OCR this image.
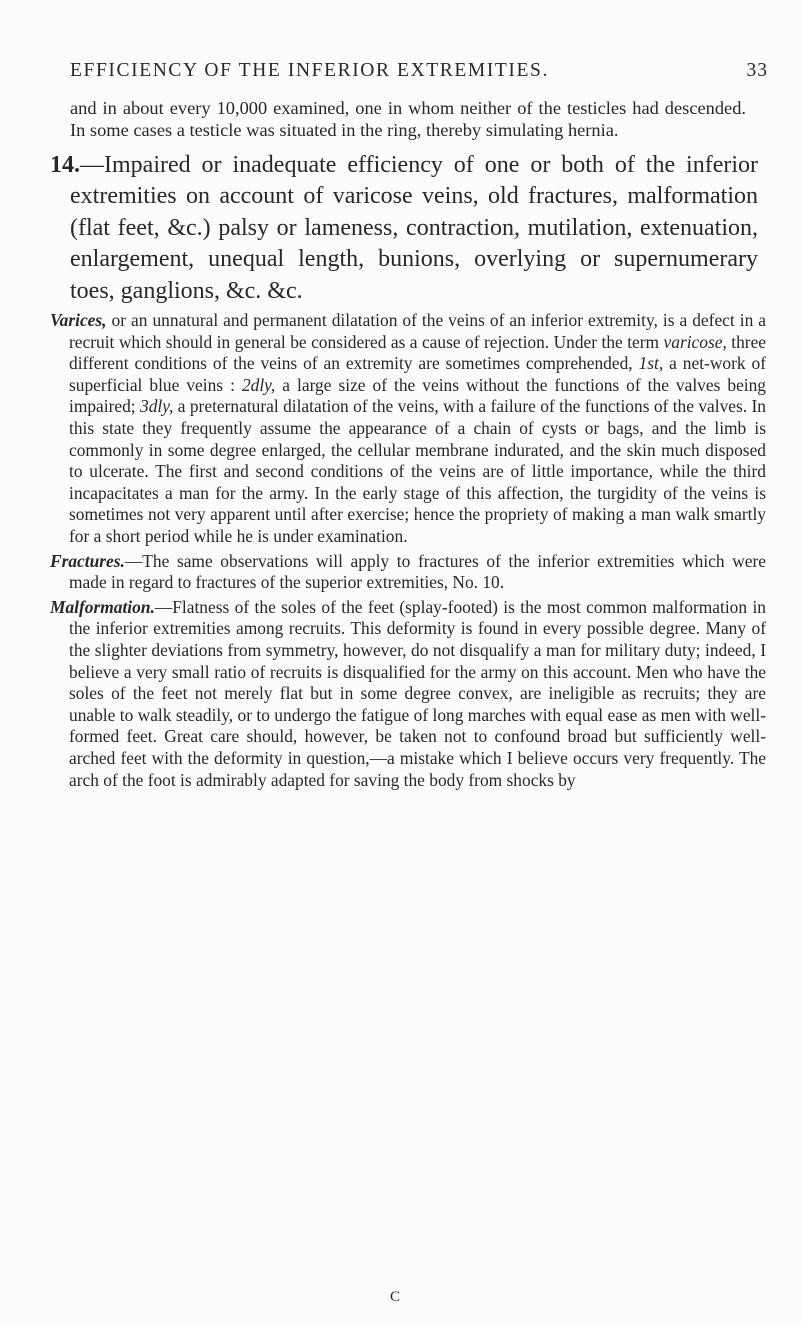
EFFICIENCY OF THE INFERIOR EXTREMITIES.	33

and in about every 10,000 examined, one in whom neither of the testicles had descended. In some cases a testicle was situated in the ring, thereby simulating hernia.

14.—Impaired or inadequate efficiency of one or both of the inferior extremities on account of varicose veins, old fractures, malformation (flat feet, &c.) palsy or lameness, contraction, mutilation, extenuation, enlargement, unequal length, bunions, overlying or supernumerary toes, ganglions, &c. &c.

Varices, or an unnatural and permanent dilatation of the veins of an inferior extremity, is a defect in a recruit which should in general be considered as a cause of rejection. Under the term varicose, three different conditions of the veins of an extremity are sometimes comprehended, 1st, a net-work of superficial blue veins : 2dly, a large size of the veins without the functions of the valves being impaired; 3dly, a preternatural dilatation of the veins, with a failure of the functions of the valves. In this state they frequently assume the appearance of a chain of cysts or bags, and the limb is commonly in some degree enlarged, the cellular membrane indurated, and the skin much disposed to ulcerate. The first and second conditions of the veins are of little importance, while the third incapacitates a man for the army. In the early stage of this affection, the turgidity of the veins is sometimes not very apparent until after exercise; hence the propriety of making a man walk smartly for a short period while he is under examination.

Fractures.—The same observations will apply to fractures of the inferior extremities which were made in regard to fractures of the superior extremities, No. 10.

Malformation.—Flatness of the soles of the feet (splay-footed) is the most common malformation in the inferior extremities among recruits. This deformity is found in every possible degree. Many of the slighter deviations from symmetry, however, do not disqualify a man for military duty; indeed, I believe a very small ratio of recruits is disqualified for the army on this account. Men who have the soles of the feet not merely flat but in some degree convex, are ineligible as recruits; they are unable to walk steadily, or to undergo the fatigue of long marches with equal ease as men with well-formed feet. Great care should, however, be taken not to confound broad but sufficiently well-arched feet with the deformity in question,—a mistake which I believe occurs very frequently. The arch of the foot is admirably adapted for saving the body from shocks by

C
